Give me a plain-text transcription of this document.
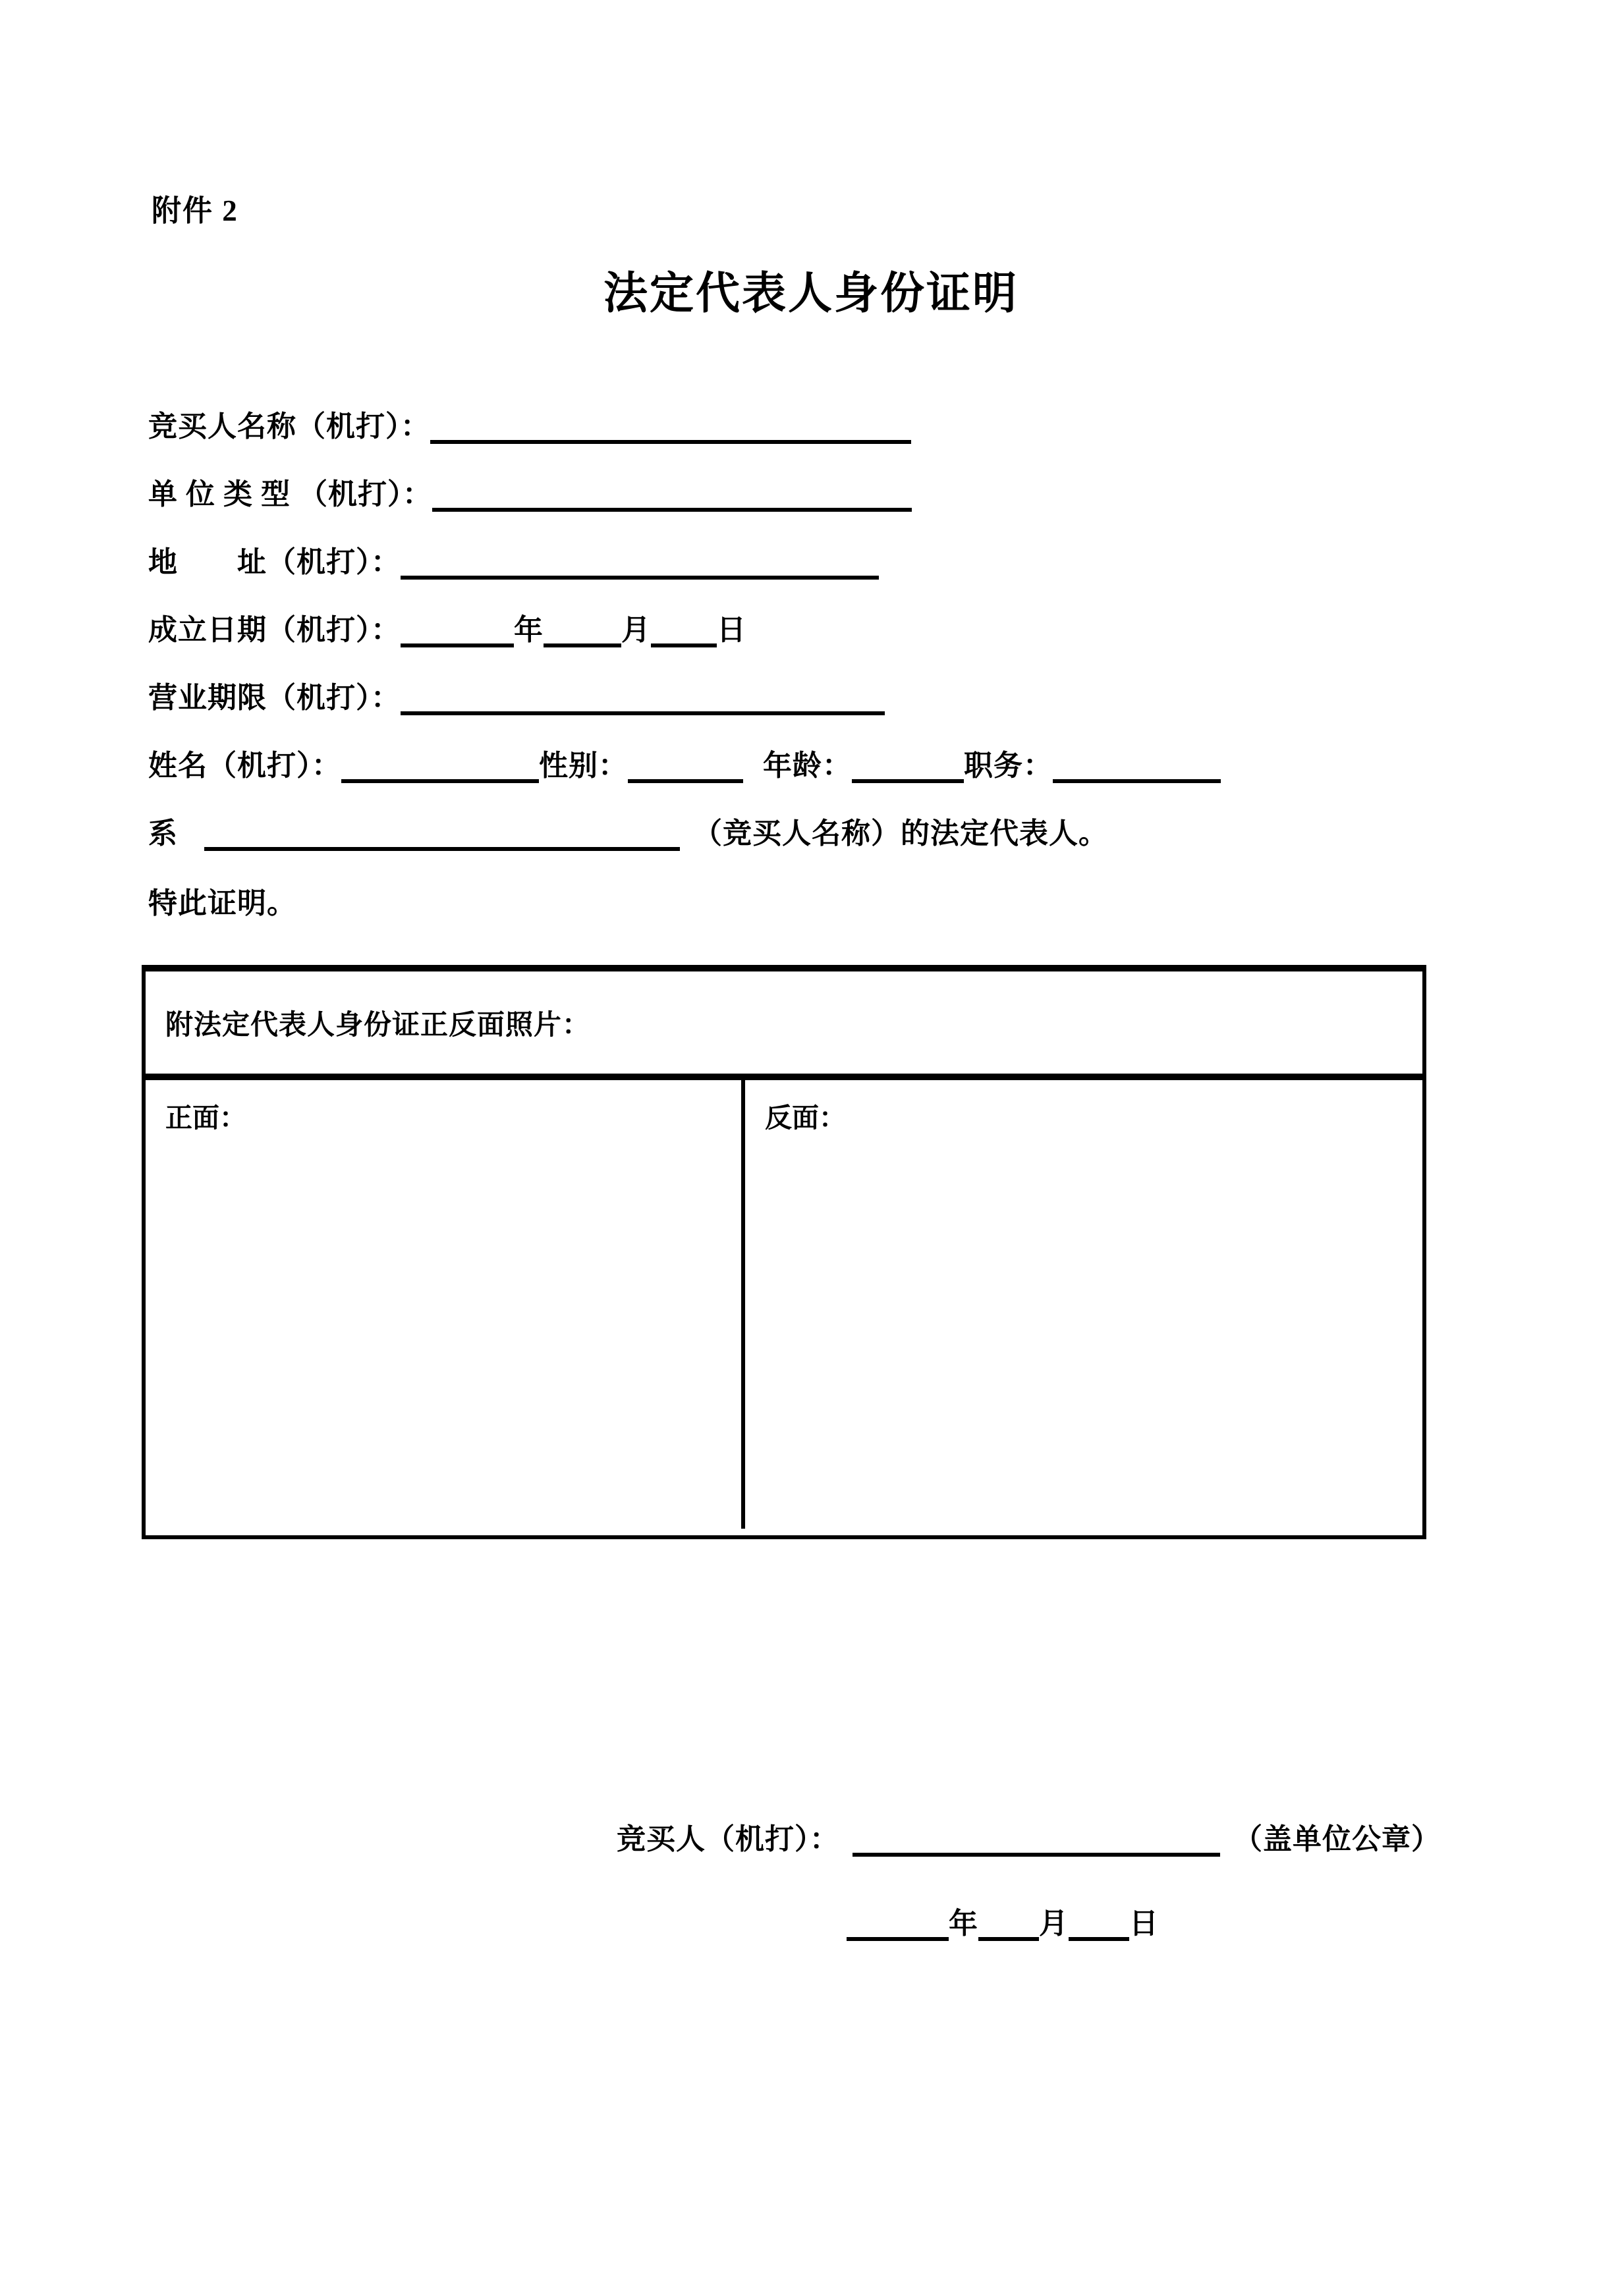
附件 2
法定代表人身份证明
竞买人名称（机打）：
单 位 类 型 （机打）：
地　　址（机打）：
成立日期（机打）：	年	月 日
营业期限（机打）：
姓名（机打）：	性别：	年龄：	职务：
系	（竞买人名称）的法定代表人。
特此证明。
附法定代表人身份证正反面照片：
正面：	反面：
竞买人（机打）：	（盖单位公章）
年 月 日
